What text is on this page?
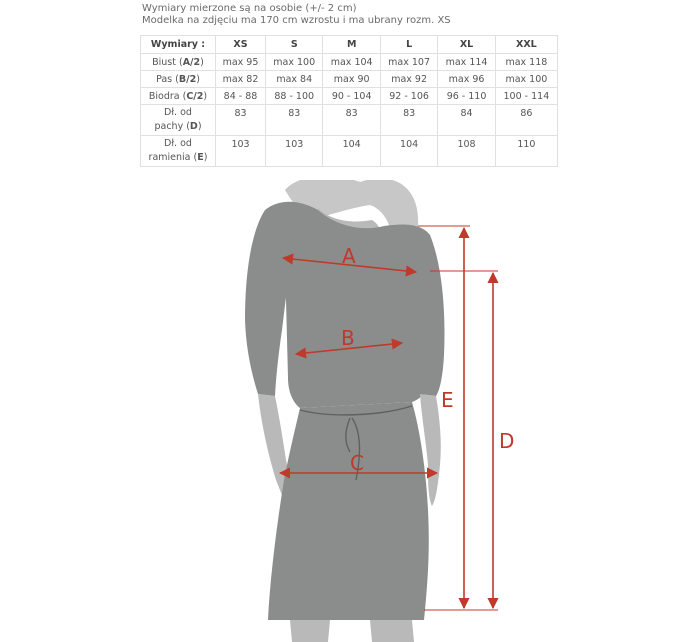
Wymiary mierzone są na osobie (+/- 2 cm)
Modelka na zdjęciu ma 170 cm wzrostu i ma ubrany rozm. XS
Wymiary :	XS	S	M	L	XL	XXL
Biust (A/2)	max 95	max 100	max 104	max 107	max 114	max 118
Pas (B/2)	max 82	max 84	max 90	max 92	max 96	max 100
Biodra (C/2)	84 - 88	88 - 100	90 - 104	92 - 106	96 - 110	100 - 114
Dł. od
pachy (D)	83	83	83	83	84	86
Dł. od
ramienia (E)	103	103	104	104	108	110
A
B
C
E
D
